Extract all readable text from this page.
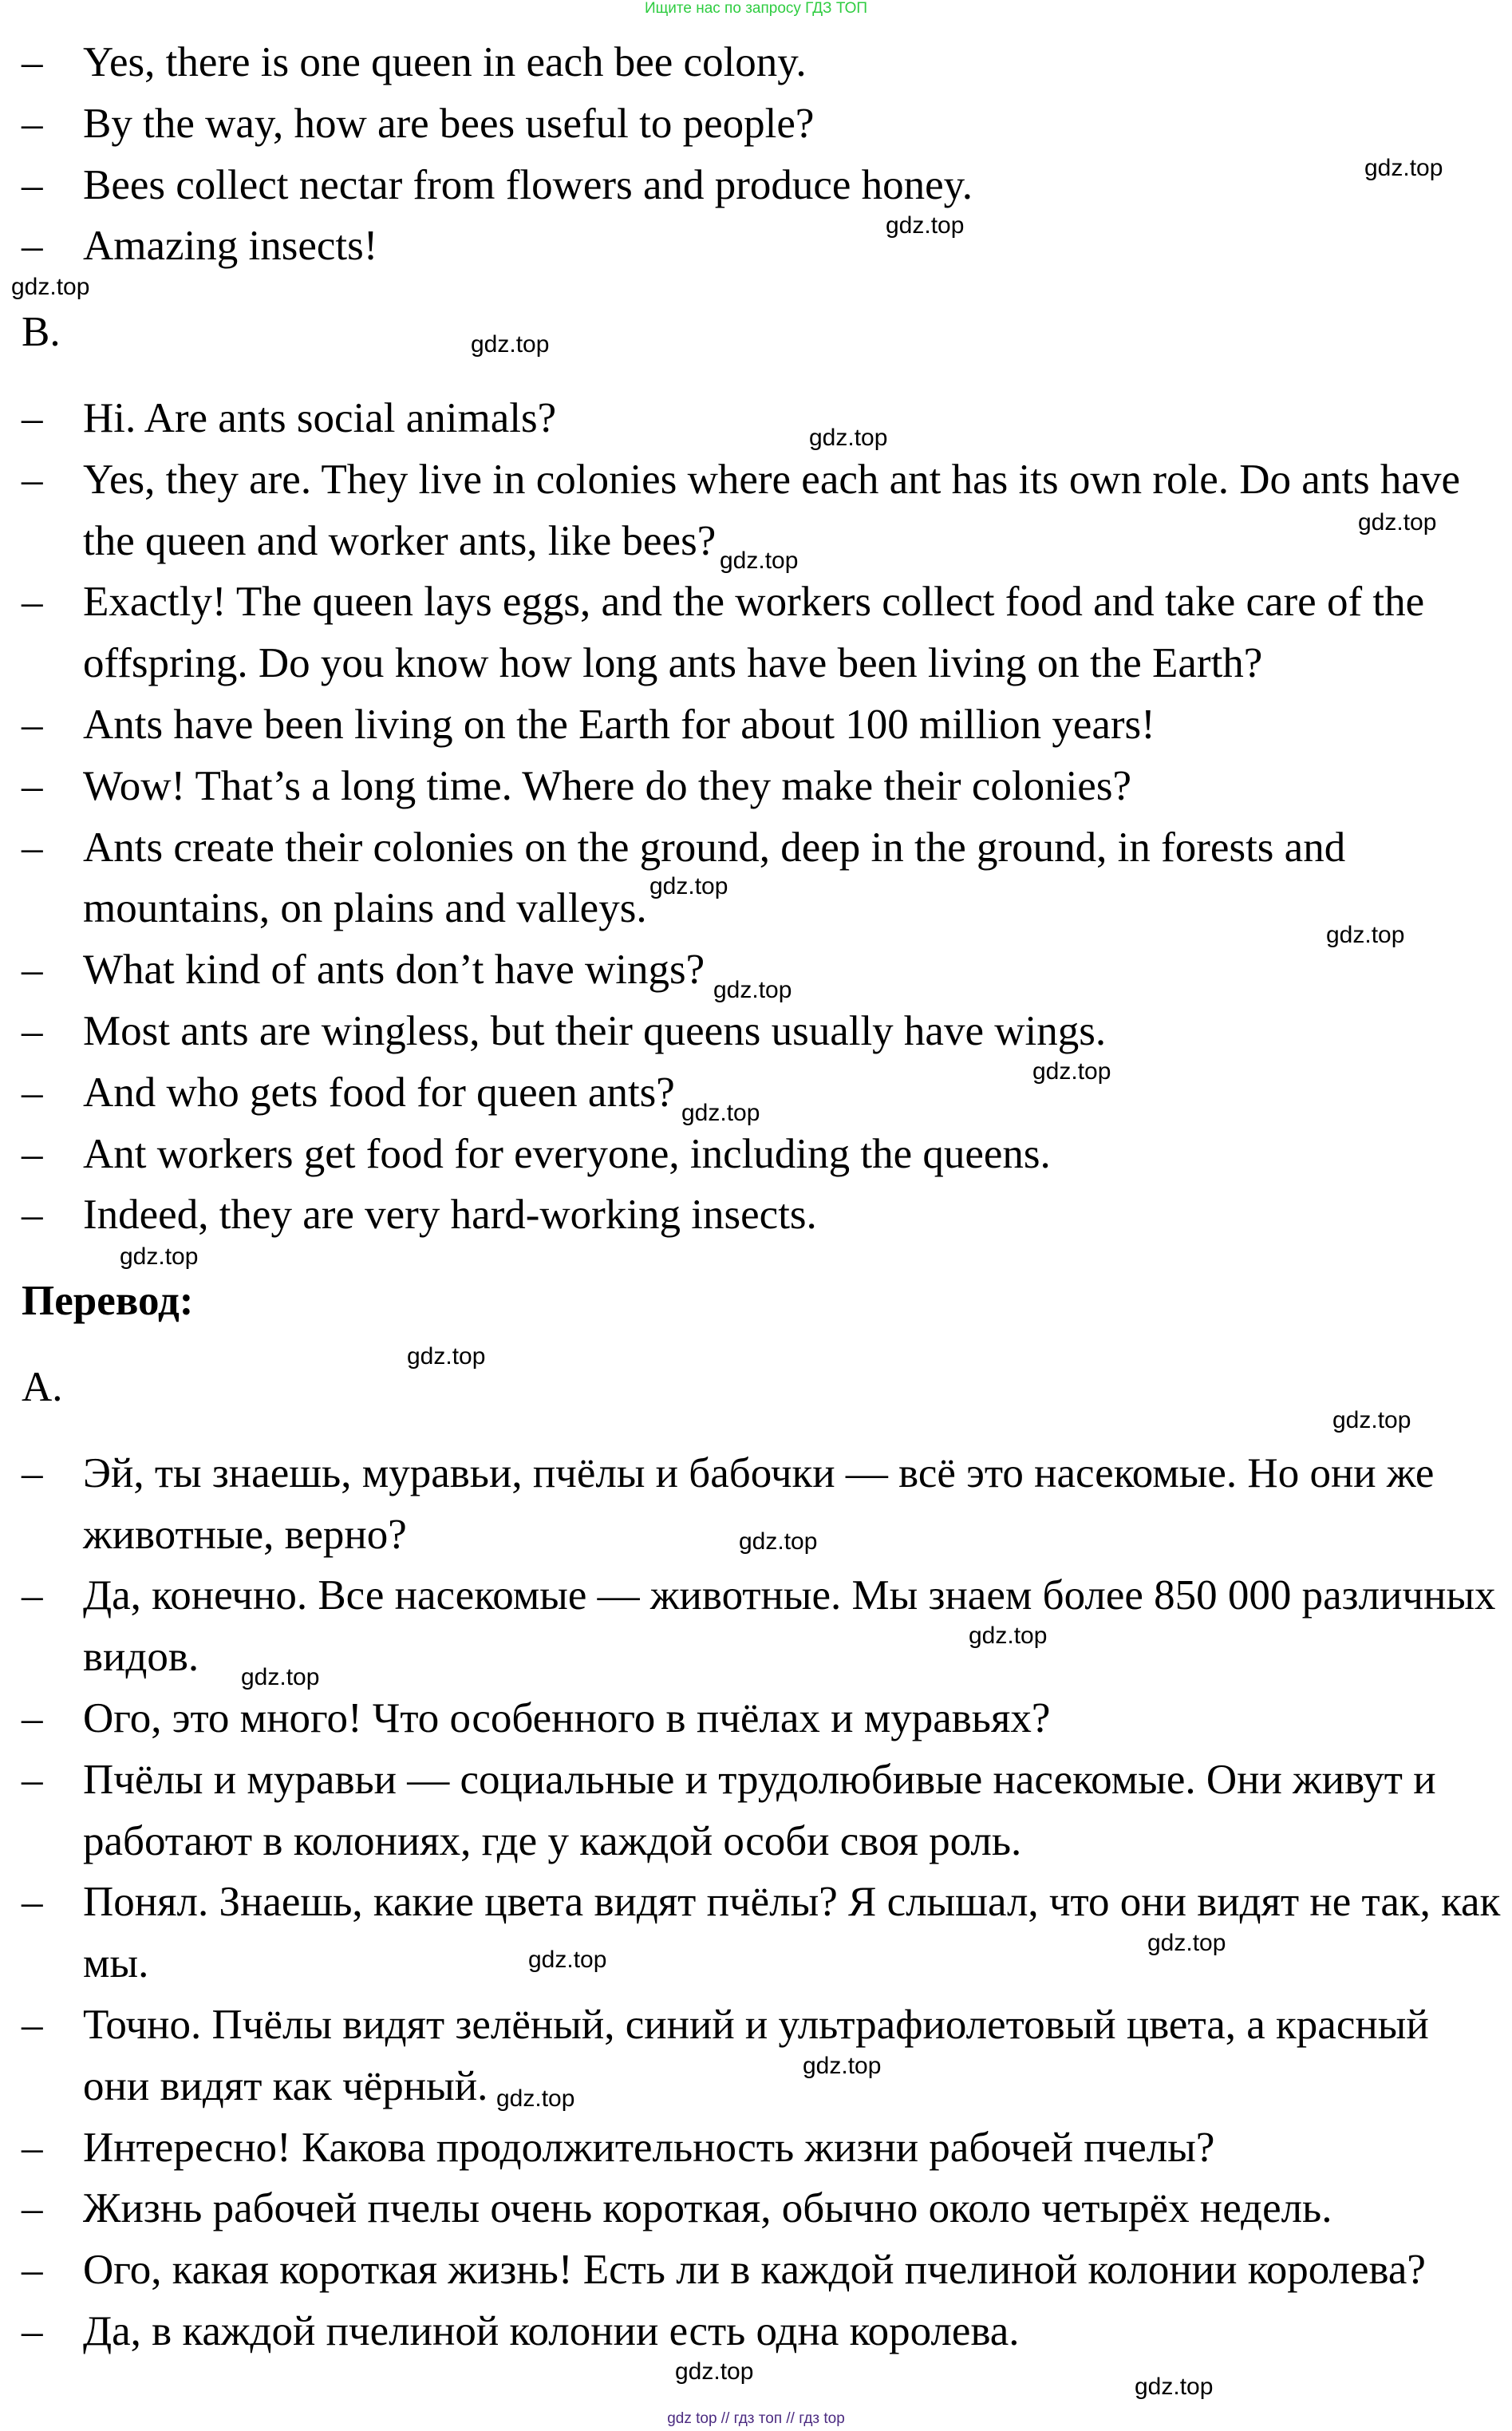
Ищите нас по запросу ГДЗ ТОП
– Yes, there is one queen in each bee colony.
– By the way, how are bees useful to people?
– Bees collect nectar from flowers and produce honey.
– Amazing insects!
B.
– Hi. Are ants social animals?
– Yes, they are. They live in colonies where each ant has its own role. Do ants have the queen and worker ants, like bees?
– Exactly! The queen lays eggs, and the workers collect food and take care of the offspring. Do you know how long ants have been living on the Earth?
– Ants have been living on the Earth for about 100 million years!
– Wow! That’s a long time. Where do they make their colonies?
– Ants create their colonies on the ground, deep in the ground, in forests and mountains, on plains and valleys.
– What kind of ants don’t have wings?
– Most ants are wingless, but their queens usually have wings.
– And who gets food for queen ants?
– Ant workers get food for everyone, including the queens.
– Indeed, they are very hard-working insects.
Перевод:
А.
– Эй, ты знаешь, муравьи, пчёлы и бабочки — всё это насекомые. Но они же животные, верно?
– Да, конечно. Все насекомые — животные. Мы знаем более 850 000 различных видов.
– Ого, это много! Что особенного в пчёлах и муравьях?
– Пчёлы и муравьи — социальные и трудолюбивые насекомые. Они живут и работают в колониях, где у каждой особи своя роль.
– Понял. Знаешь, какие цвета видят пчёлы? Я слышал, что они видят не так, как мы.
– Точно. Пчёлы видят зелёный, синий и ультрафиолетовый цвета, а красный они видят как чёрный.
– Интересно! Какова продолжительность жизни рабочей пчелы?
– Жизнь рабочей пчелы очень короткая, обычно около четырёх недель.
– Ого, какая короткая жизнь! Есть ли в каждой пчелиной колонии королева?
– Да, в каждой пчелиной колонии есть одна королева.
gdz.top
gdz.top
gdz.top
gdz.top
gdz.top
gdz.top
gdz.top
gdz.top
gdz.top
gdz.top
gdz.top
gdz.top
gdz.top
gdz.top
gdz.top
gdz.top
gdz.top
gdz.top
gdz.top
gdz.top
gdz.top
gdz.top
gdz.top
gdz.top
gdz top // гдз топ // гдз top
